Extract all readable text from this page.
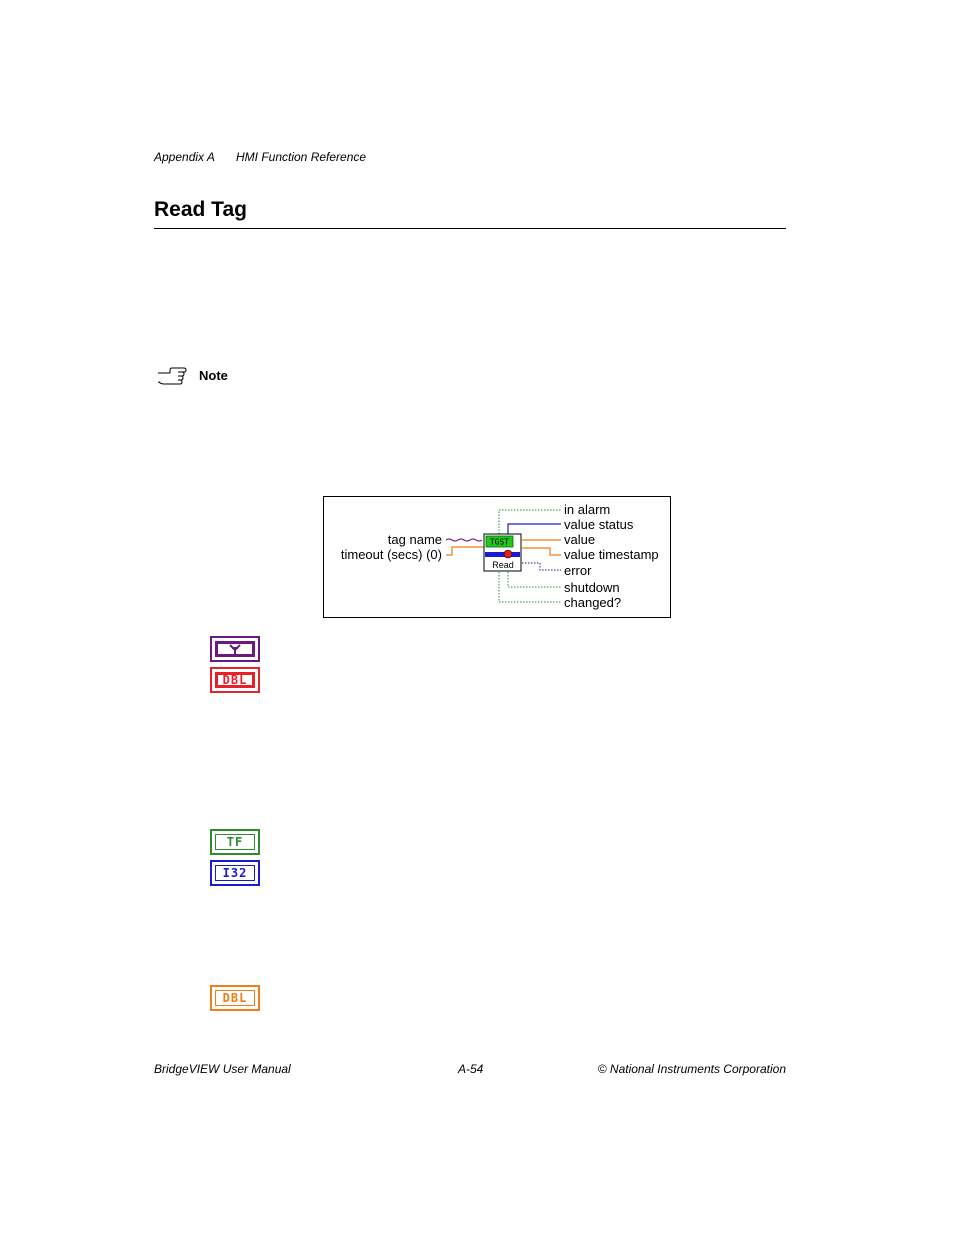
Appendix A HMI Function Reference
Read Tag
Note
TGST
Read
tag name
timeout (secs) (0)
in alarm
value status
value
value timestamp
error
shutdown
changed?
DBL
TF
I32
DBL
BridgeVIEW User Manual	A-54	© National Instruments Corporation
